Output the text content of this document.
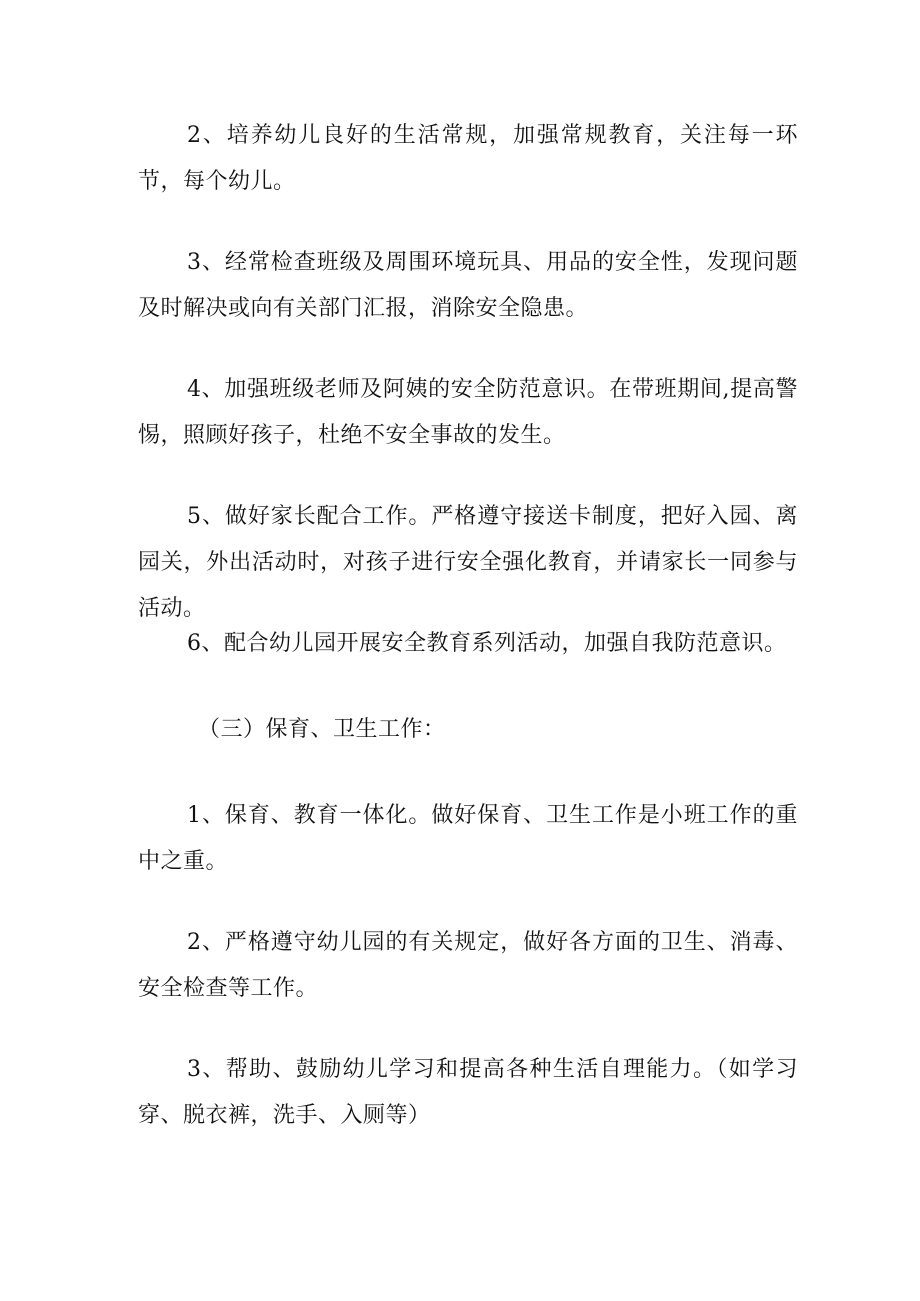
2、培养幼儿良好的生活常规，加强常规教育，关注每一环节，每个幼儿。

3、经常检查班级及周围环境玩具、用品的安全性，发现问题及时解决或向有关部门汇报，消除安全隐患。

4、加强班级老师及阿姨的安全防范意识。在带班期间,提高警惕，照顾好孩子，杜绝不安全事故的发生。

5、做好家长配合工作。严格遵守接送卡制度，把好入园、离园关，外出活动时，对孩子进行安全强化教育，并请家长一同参与活动。

6、配合幼儿园开展安全教育系列活动，加强自我防范意识。

（三）保育、卫生工作：

1、保育、教育一体化。做好保育、卫生工作是小班工作的重中之重。

2、严格遵守幼儿园的有关规定，做好各方面的卫生、消毒、安全检查等工作。

3、帮助、鼓励幼儿学习和提高各种生活自理能力。（如学习穿、脱衣裤，洗手、入厕等）
